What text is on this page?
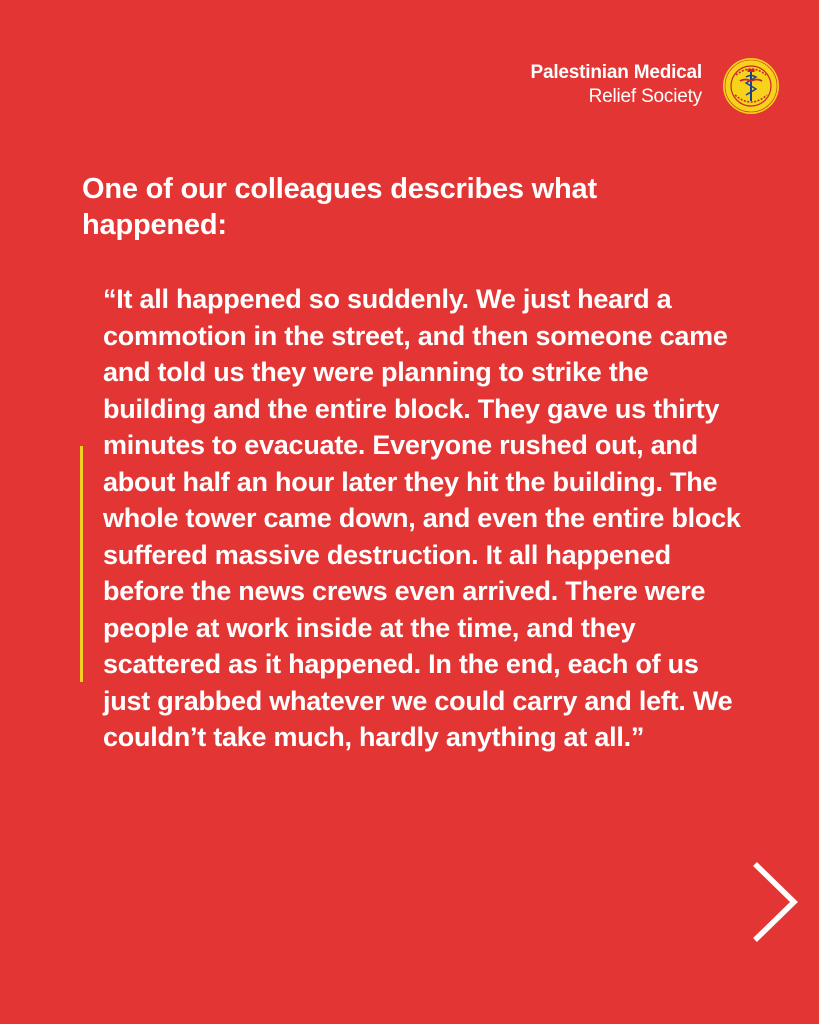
Palestinian Medical
Relief Society
One of our colleagues describes what happened:

“It all happened so suddenly. We just heard a commotion in the street, and then someone came and told us they were planning to strike the building and the entire block. They gave us thirty minutes to evacuate. Everyone rushed out, and about half an hour later they hit the building. The whole tower came down, and even the entire block suffered massive destruction. It all happened before the news crews even arrived. There were people at work inside at the time, and they scattered as it happened. In the end, each of us just grabbed whatever we could carry and left. We couldn’t take much, hardly anything at all.”
